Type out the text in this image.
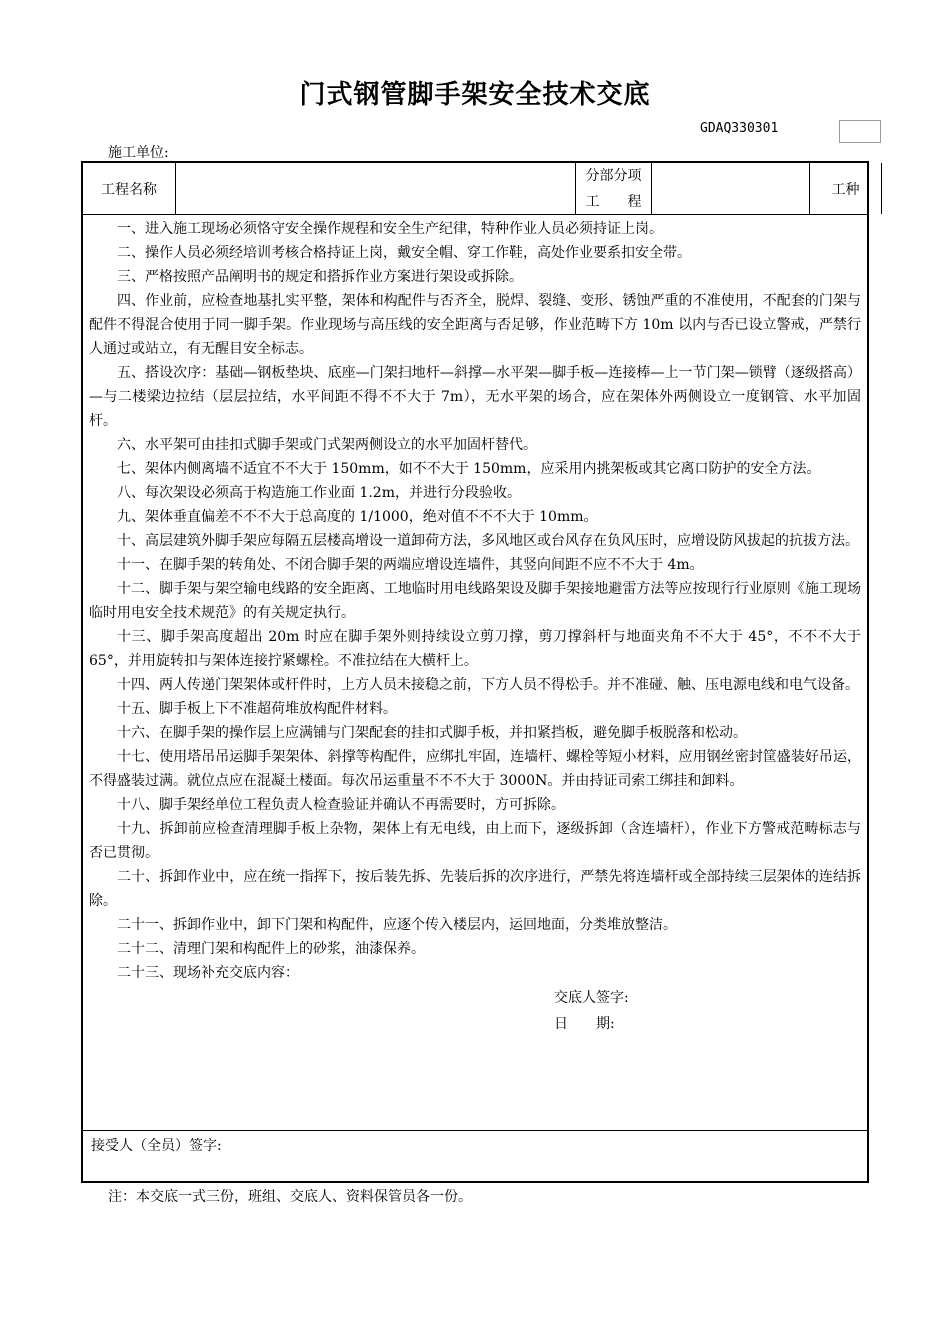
门式钢管脚手架安全技术交底
GDAQ330301
施工单位:
工程名称
分部分项
工　　程
工种

一、进入施工现场必须恪守安全操作规程和安全生产纪律，特种作业人员必须持证上岗。

二、操作人员必须经培训考核合格持证上岗，戴安全帽、穿工作鞋，高处作业要系扣安全带。

三、严格按照产品阐明书的规定和搭拆作业方案进行架设或拆除。

四、作业前，应检查地基扎实平整，架体和构配件与否齐全，脱焊、裂缝、变形、锈蚀严重的不准使用，不配套的门架与配件不得混合使用于同一脚手架。作业现场与高压线的安全距离与否足够，作业范畴下方 10m 以内与否已设立警戒，严禁行人通过或站立，有无醒目安全标志。

五、搭设次序：基础—钢板垫块、底座—门架扫地杆—斜撑—水平架—脚手板—连接棒—上一节门架—锁臂（逐级搭高）—与二楼梁边拉结（层层拉结，水平间距不得不不大于 7m），无水平架的场合，应在架体外两侧设立一度钢管、水平加固杆。

六、水平架可由挂扣式脚手架或门式架两侧设立的水平加固杆替代。

七、架体内侧离墙不适宜不不大于 150mm，如不不大于 150mm，应采用内挑架板或其它离口防护的安全方法。

八、每次架设必须高于构造施工作业面 1.2m，并进行分段验收。

九、架体垂直偏差不不不大于总高度的 1/1000，绝对值不不不大于 10mm。

十、高层建筑外脚手架应每隔五层楼高增设一道卸荷方法，多风地区或台风存在负风压时，应增设防风拔起的抗拔方法。

十一、在脚手架的转角处、不闭合脚手架的两端应增设连墙件，其竖向间距不应不不大于 4m。

十二、脚手架与架空输电线路的安全距离、工地临时用电线路架设及脚手架接地避雷方法等应按现行行业原则《施工现场临时用电安全技术规范》的有关规定执行。

十三、脚手架高度超出 20m 时应在脚手架外则持续设立剪刀撑，剪刀撑斜杆与地面夹角不不大于 45°，不不不大于 65°，并用旋转扣与架体连接拧紧螺栓。不准拉结在大横杆上。

十四、两人传递门架架体或杆件时，上方人员未接稳之前，下方人员不得松手。并不准碰、触、压电源电线和电气设备。

十五、脚手板上下不准超荷堆放构配件材料。

十六、在脚手架的操作层上应满铺与门架配套的挂扣式脚手板，并扣紧挡板，避免脚手板脱落和松动。

十七、使用塔吊吊运脚手架架体、斜撑等构配件，应绑扎牢固，连墙杆、螺栓等短小材料，应用钢丝密封筐盛装好吊运，不得盛装过满。就位点应在混凝土楼面。每次吊运重量不不不大于 3000N。并由持证司索工绑挂和卸料。

十八、脚手架经单位工程负责人检查验证并确认不再需要时，方可拆除。

十九、拆卸前应检查清理脚手板上杂物，架体上有无电线，由上而下，逐级拆卸（含连墙杆），作业下方警戒范畴标志与否已贯彻。

二十、拆卸作业中，应在统一指挥下，按后装先拆、先装后拆的次序进行，严禁先将连墙杆或全部持续三层架体的连结拆除。

二十一、拆卸作业中，卸下门架和构配件，应逐个传入楼层内，运回地面，分类堆放整洁。

二十二、清理门架和构配件上的砂浆，油漆保养。

二十三、现场补充交底内容：

交底人签字:
日　　期:
接受人（全员）签字:
注：本交底一式三份，班组、交底人、资料保管员各一份。
